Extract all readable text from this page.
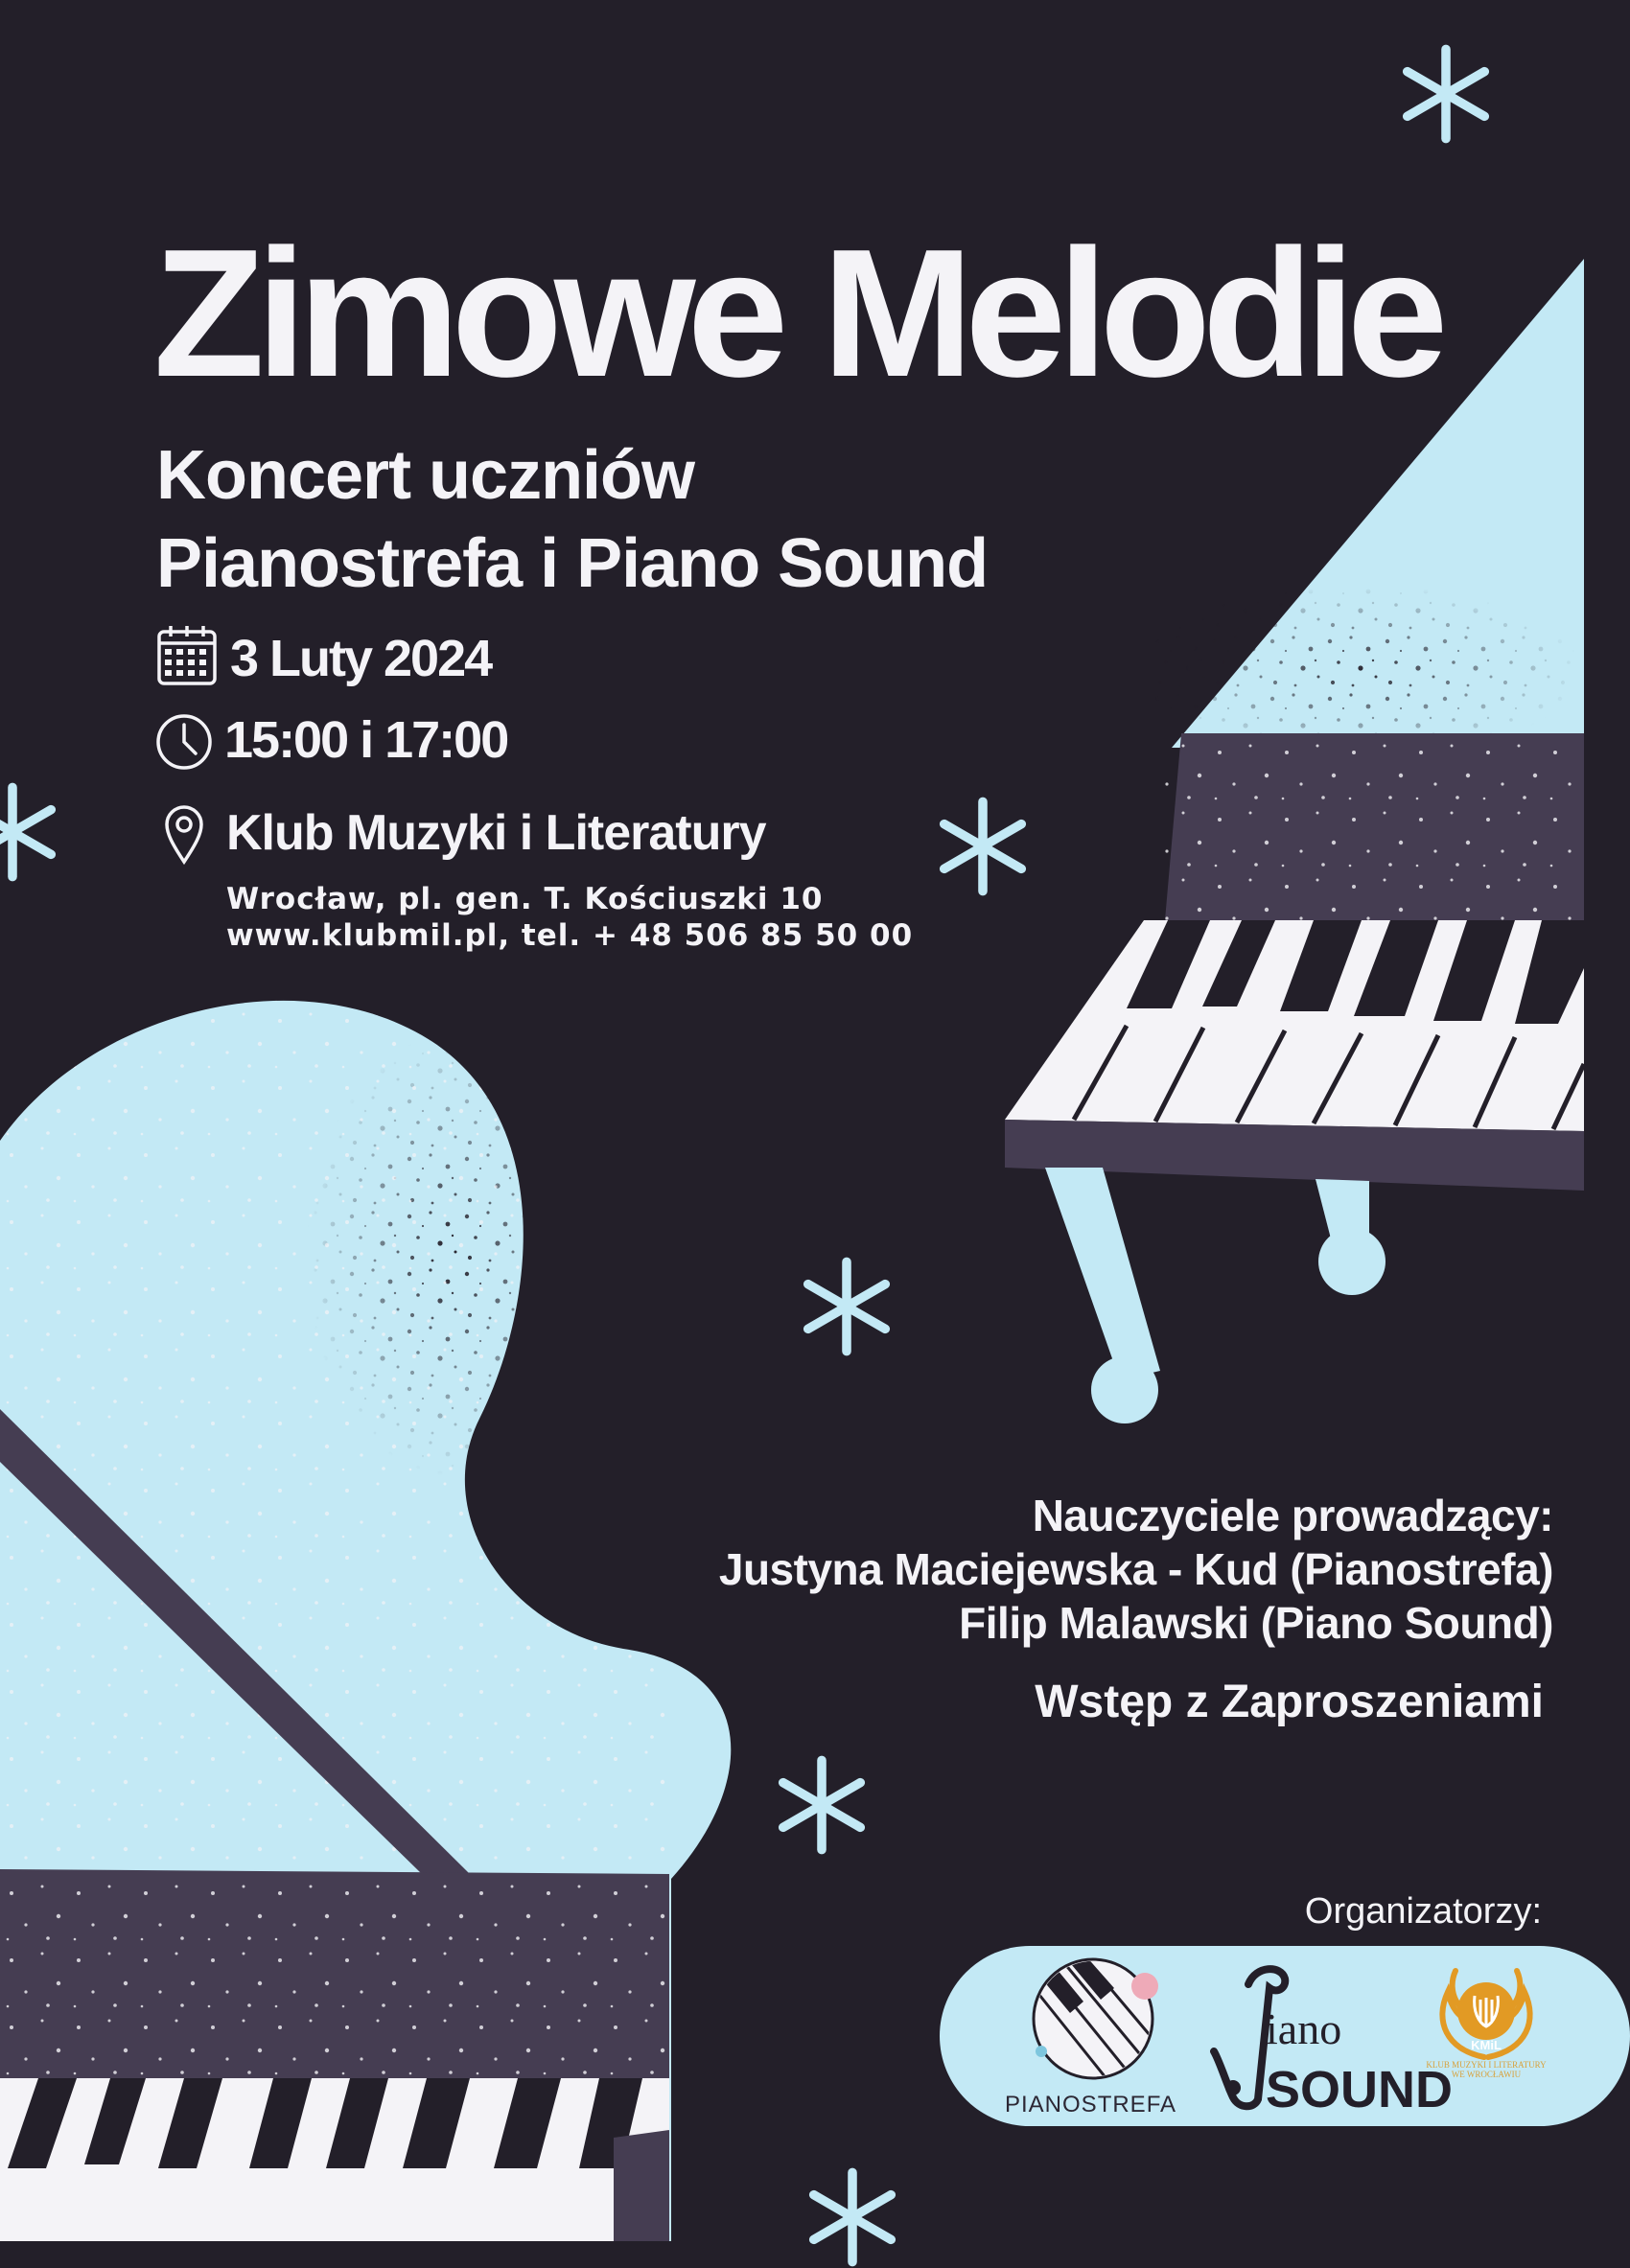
Zimowe Melodie
Koncert uczniów
Pianostrefa i Piano Sound
3 Luty 2024
15:00 i 17:00
Klub Muzyki i Literatury
Wrocław, pl. gen. T. Kościuszki 10
www.klubmil.pl, tel. + 48 506 85 50 00
Nauczyciele prowadzący:
Justyna Maciejewska - Kud (Pianostrefa)
Filip Malawski (Piano Sound)
Wstęp z Zaproszeniami
Organizatorzy:
PIANOSTREFA
iano
SOUND
KMiL
KLUB MUZYKI I LITERATURY WE WROCŁAWIU
